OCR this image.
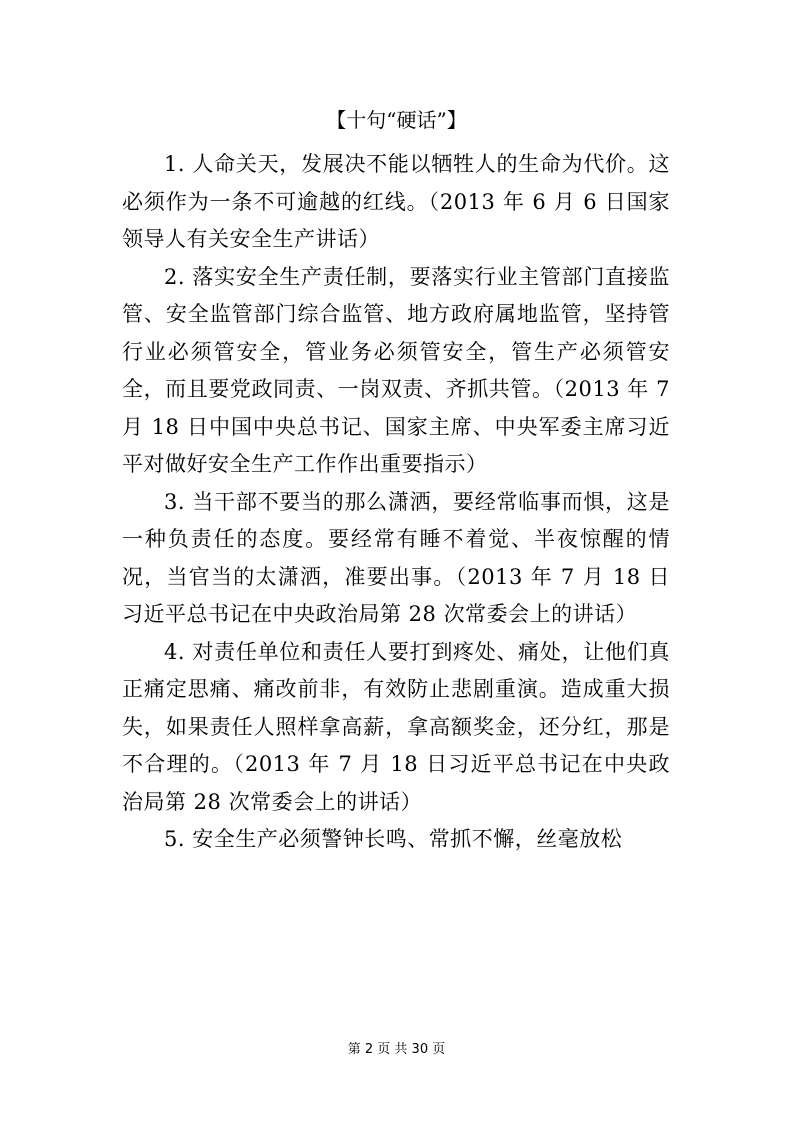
【十句“硬话”】

1. 人命关天，发展决不能以牺牲人的生命为代价。这必须作为一条不可逾越的红线。（2013 年 6 月 6 日国家领导人有关安全生产讲话）

2. 落实安全生产责任制，要落实行业主管部门直接监管、安全监管部门综合监管、地方政府属地监管，坚持管行业必须管安全，管业务必须管安全，管生产必须管安全，而且要党政同责、一岗双责、齐抓共管。（2013 年 7 月 18 日中国中央总书记、国家主席、中央军委主席习近平对做好安全生产工作作出重要指示）

3. 当干部不要当的那么潇洒，要经常临事而惧，这是一种负责任的态度。要经常有睡不着觉、半夜惊醒的情况，当官当的太潇洒，准要出事。（2013 年 7 月 18 日习近平总书记在中央政治局第 28 次常委会上的讲话）

4. 对责任单位和责任人要打到疼处、痛处，让他们真正痛定思痛、痛改前非，有效防止悲剧重演。造成重大损失，如果责任人照样拿高薪，拿高额奖金，还分红，那是不合理的。（2013 年 7 月 18 日习近平总书记在中央政治局第 28 次常委会上的讲话）

5. 安全生产必须警钟长鸣、常抓不懈，丝毫放松

第 2 页 共 30 页
